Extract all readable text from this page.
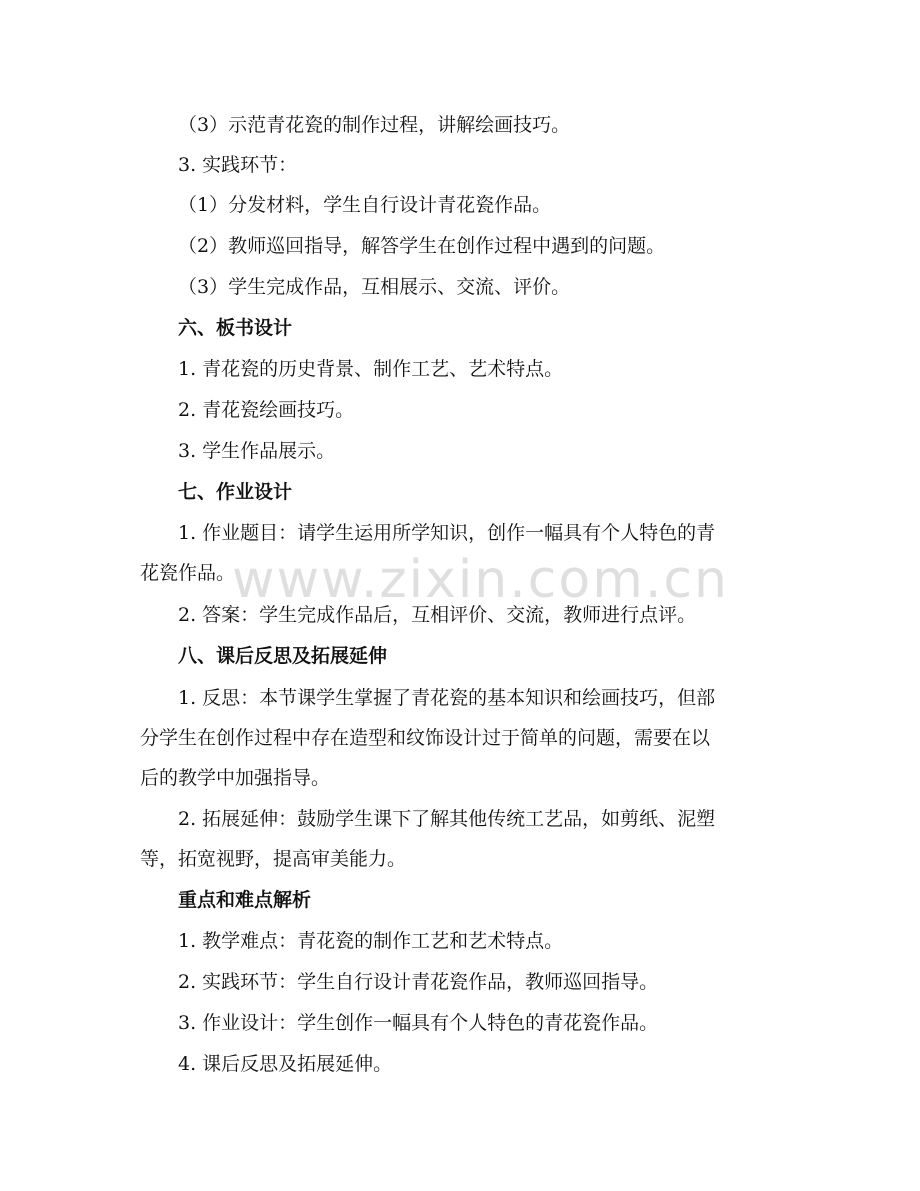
（3）示范青花瓷的制作过程，讲解绘画技巧。
3. 实践环节：
（1）分发材料，学生自行设计青花瓷作品。
（2）教师巡回指导，解答学生在创作过程中遇到的问题。
（3）学生完成作品，互相展示、交流、评价。
六、板书设计
1. 青花瓷的历史背景、制作工艺、艺术特点。
2. 青花瓷绘画技巧。
3. 学生作品展示。
七、作业设计
1. 作业题目：请学生运用所学知识，创作一幅具有个人特色的青
花瓷作品。
2. 答案：学生完成作品后，互相评价、交流，教师进行点评。
八、课后反思及拓展延伸
1. 反思：本节课学生掌握了青花瓷的基本知识和绘画技巧，但部
分学生在创作过程中存在造型和纹饰设计过于简单的问题，需要在以
后的教学中加强指导。
2. 拓展延伸：鼓励学生课下了解其他传统工艺品，如剪纸、泥塑
等，拓宽视野，提高审美能力。
重点和难点解析
1. 教学难点：青花瓷的制作工艺和艺术特点。
2. 实践环节：学生自行设计青花瓷作品，教师巡回指导。
3. 作业设计：学生创作一幅具有个人特色的青花瓷作品。
4. 课后反思及拓展延伸。
www.zixin.com.cn
